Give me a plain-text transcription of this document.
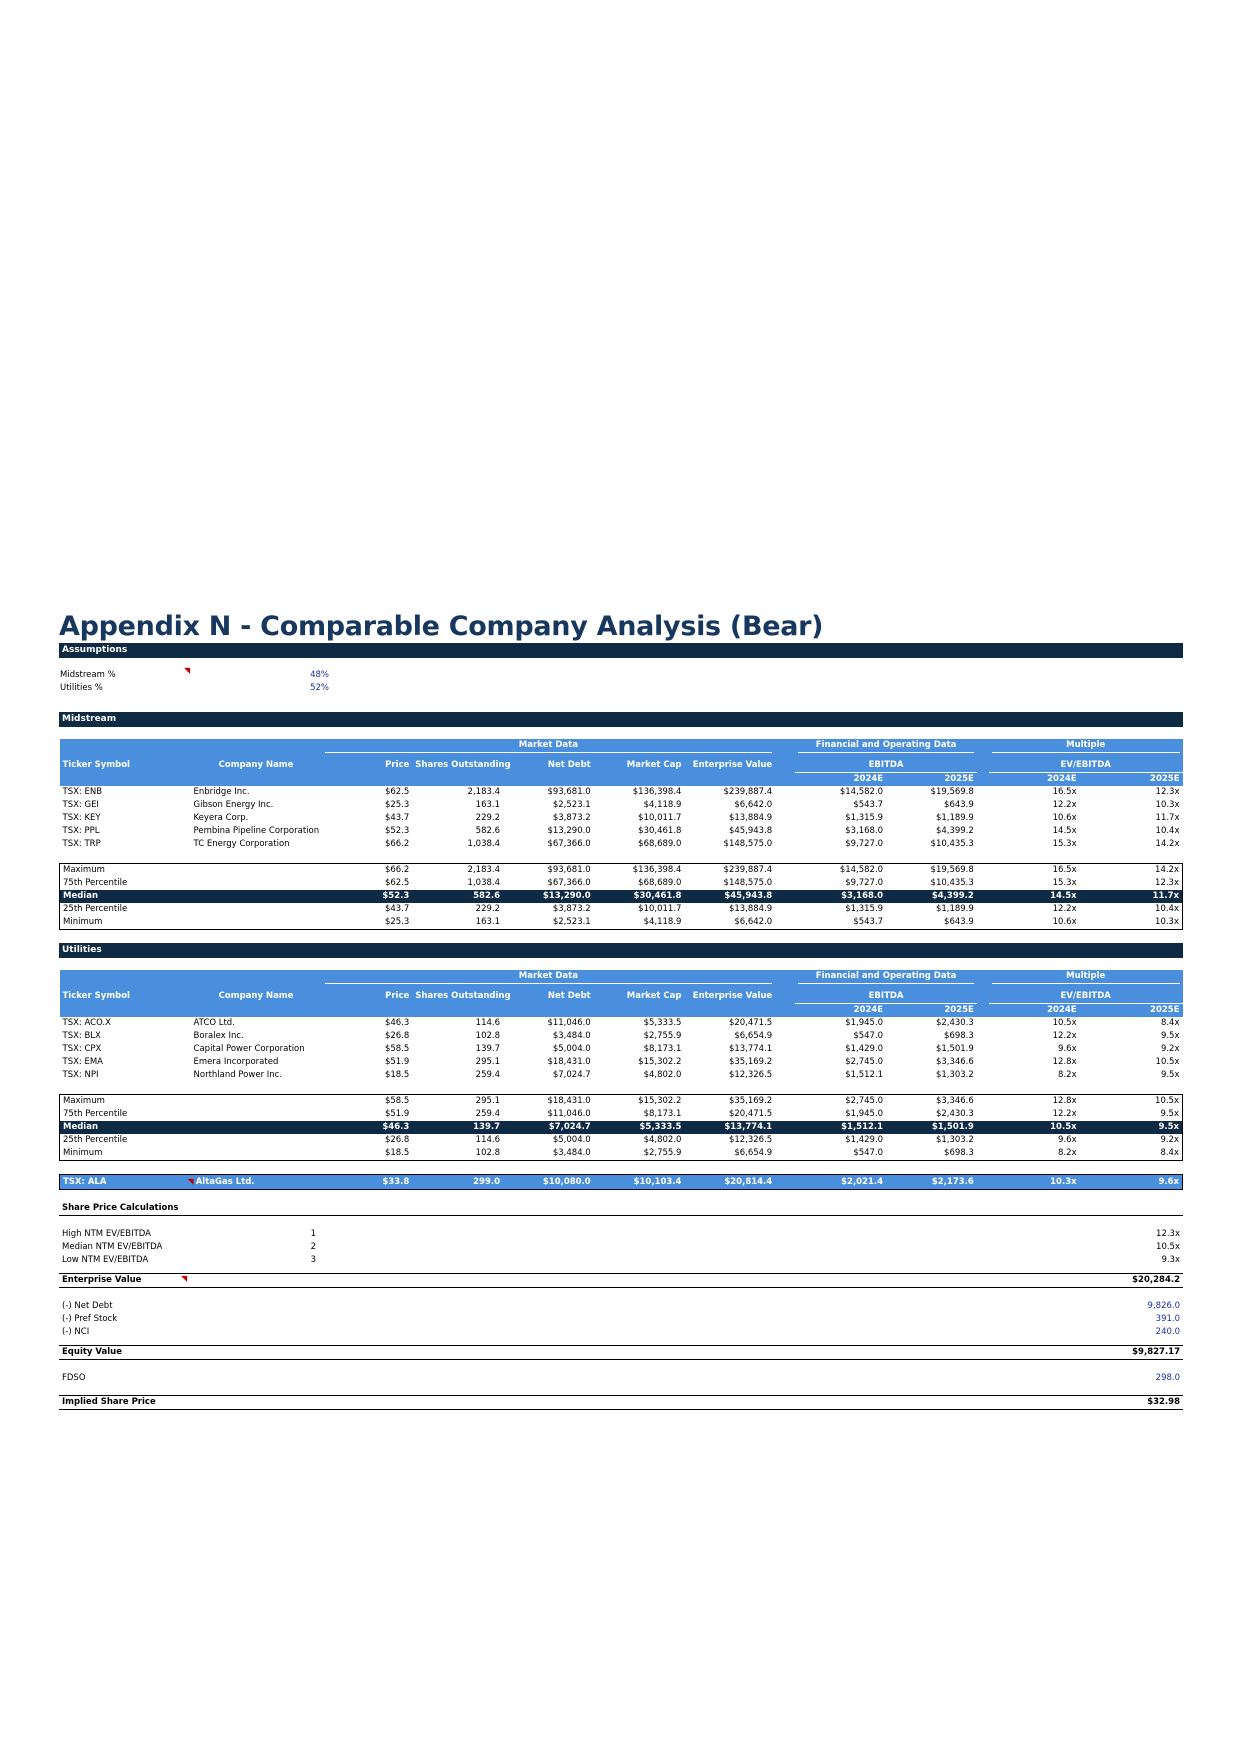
Appendix N - Comparable Company Analysis (Bear)
Assumptions
Midstream %	◥	48%
Utilities %	52%
Midstream

		Market Data						Financial and Operating Data			Multiple	

Ticker Symbol	Company Name	Price	Shares Outstanding	Net Debt	Market Cap	Enterprise Value		EBITDA			EV/EBITDA	
								2024E	2025E		2024E	2025E
TSX: ENB	Enbridge Inc.	$62.5	2,183.4	$93,681.0	$136,398.4	$239,887.4		$14,582.0	$19,569.8		16.5x	12.3x
TSX: GEI	Gibson Energy Inc.	$25.3	163.1	$2,523.1	$4,118.9	$6,642.0		$543.7	$643.9		12.2x	10.3x
TSX: KEY	Keyera Corp.	$43.7	229.2	$3,873.2	$10,011.7	$13,884.9		$1,315.9	$1,189.9		10.6x	11.7x
TSX: PPL	Pembina Pipeline Corporation	$52.3	582.6	$13,290.0	$30,461.8	$45,943.8		$3,168.0	$4,399.2		14.5x	10.4x
TSX: TRP	TC Energy Corporation	$66.2	1,038.4	$67,366.0	$68,689.0	$148,575.0		$9,727.0	$10,435.3		15.3x	14.2x

Maximum		$66.2	2,183.4	$93,681.0	$136,398.4	$239,887.4		$14,582.0	$19,569.8		16.5x	14.2x
75th Percentile		$62.5	1,038.4	$67,366.0	$68,689.0	$148,575.0		$9,727.0	$10,435.3		15.3x	12.3x
Median		$52.3	582.6	$13,290.0	$30,461.8	$45,943.8		$3,168.0	$4,399.2		14.5x	11.7x
25th Percentile		$43.7	229.2	$3,873.2	$10,011.7	$13,884.9		$1,315.9	$1,189.9		12.2x	10.4x
Minimum		$25.3	163.1	$2,523.1	$4,118.9	$6,642.0		$543.7	$643.9		10.6x	10.3x
Utilities

		Market Data						Financial and Operating Data			Multiple	

Ticker Symbol	Company Name	Price	Shares Outstanding	Net Debt	Market Cap	Enterprise Value		EBITDA			EV/EBITDA	
								2024E	2025E		2024E	2025E
TSX: ACO.X	ATCO Ltd.	$46.3	114.6	$11,046.0	$5,333.5	$20,471.5		$1,945.0	$2,430.3		10.5x	8.4x
TSX: BLX	Boralex Inc.	$26.8	102.8	$3,484.0	$2,755.9	$6,654.9		$547.0	$698.3		12.2x	9.5x
TSX: CPX	Capital Power Corporation	$58.5	139.7	$5,004.0	$8,173.1	$13,774.1		$1,429.0	$1,501.9		9.6x	9.2x
TSX: EMA	Emera Incorporated	$51.9	295.1	$18,431.0	$15,302.2	$35,169.2		$2,745.0	$3,346.6		12.8x	10.5x
TSX: NPI	Northland Power Inc.	$18.5	259.4	$7,024.7	$4,802.0	$12,326.5		$1,512.1	$1,303.2		8.2x	9.5x

Maximum		$58.5	295.1	$18,431.0	$15,302.2	$35,169.2		$2,745.0	$3,346.6		12.8x	10.5x
75th Percentile		$51.9	259.4	$11,046.0	$8,173.1	$20,471.5		$1,945.0	$2,430.3		12.2x	9.5x
Median		$46.3	139.7	$7,024.7	$5,333.5	$13,774.1		$1,512.1	$1,501.9		10.5x	9.5x
25th Percentile		$26.8	114.6	$5,004.0	$4,802.0	$12,326.5		$1,429.0	$1,303.2		9.6x	9.2x
Minimum		$18.5	102.8	$3,484.0	$2,755.9	$6,654.9		$547.0	$698.3		8.2x	8.4x

TSX: ALA	◥ AltaGas Ltd.	$33.8	299.0	$10,080.0	$10,103.4	$20,814.4		$2,021.4	$2,173.6		10.3x	9.6x
Share Price Calculations			

High NTM EV/EBITDA	1		12.3x
Median NTM EV/EBITDA	2		10.5x
Low NTM EV/EBITDA	3		9.3x

Enterprise Value ◥			$20,284.2

(-) Net Debt			9,826.0
(-) Pref Stock			391.0
(-) NCI			240.0

Equity Value			$9,827.17

FDSO			298.0

Implied Share Price			$32.98
